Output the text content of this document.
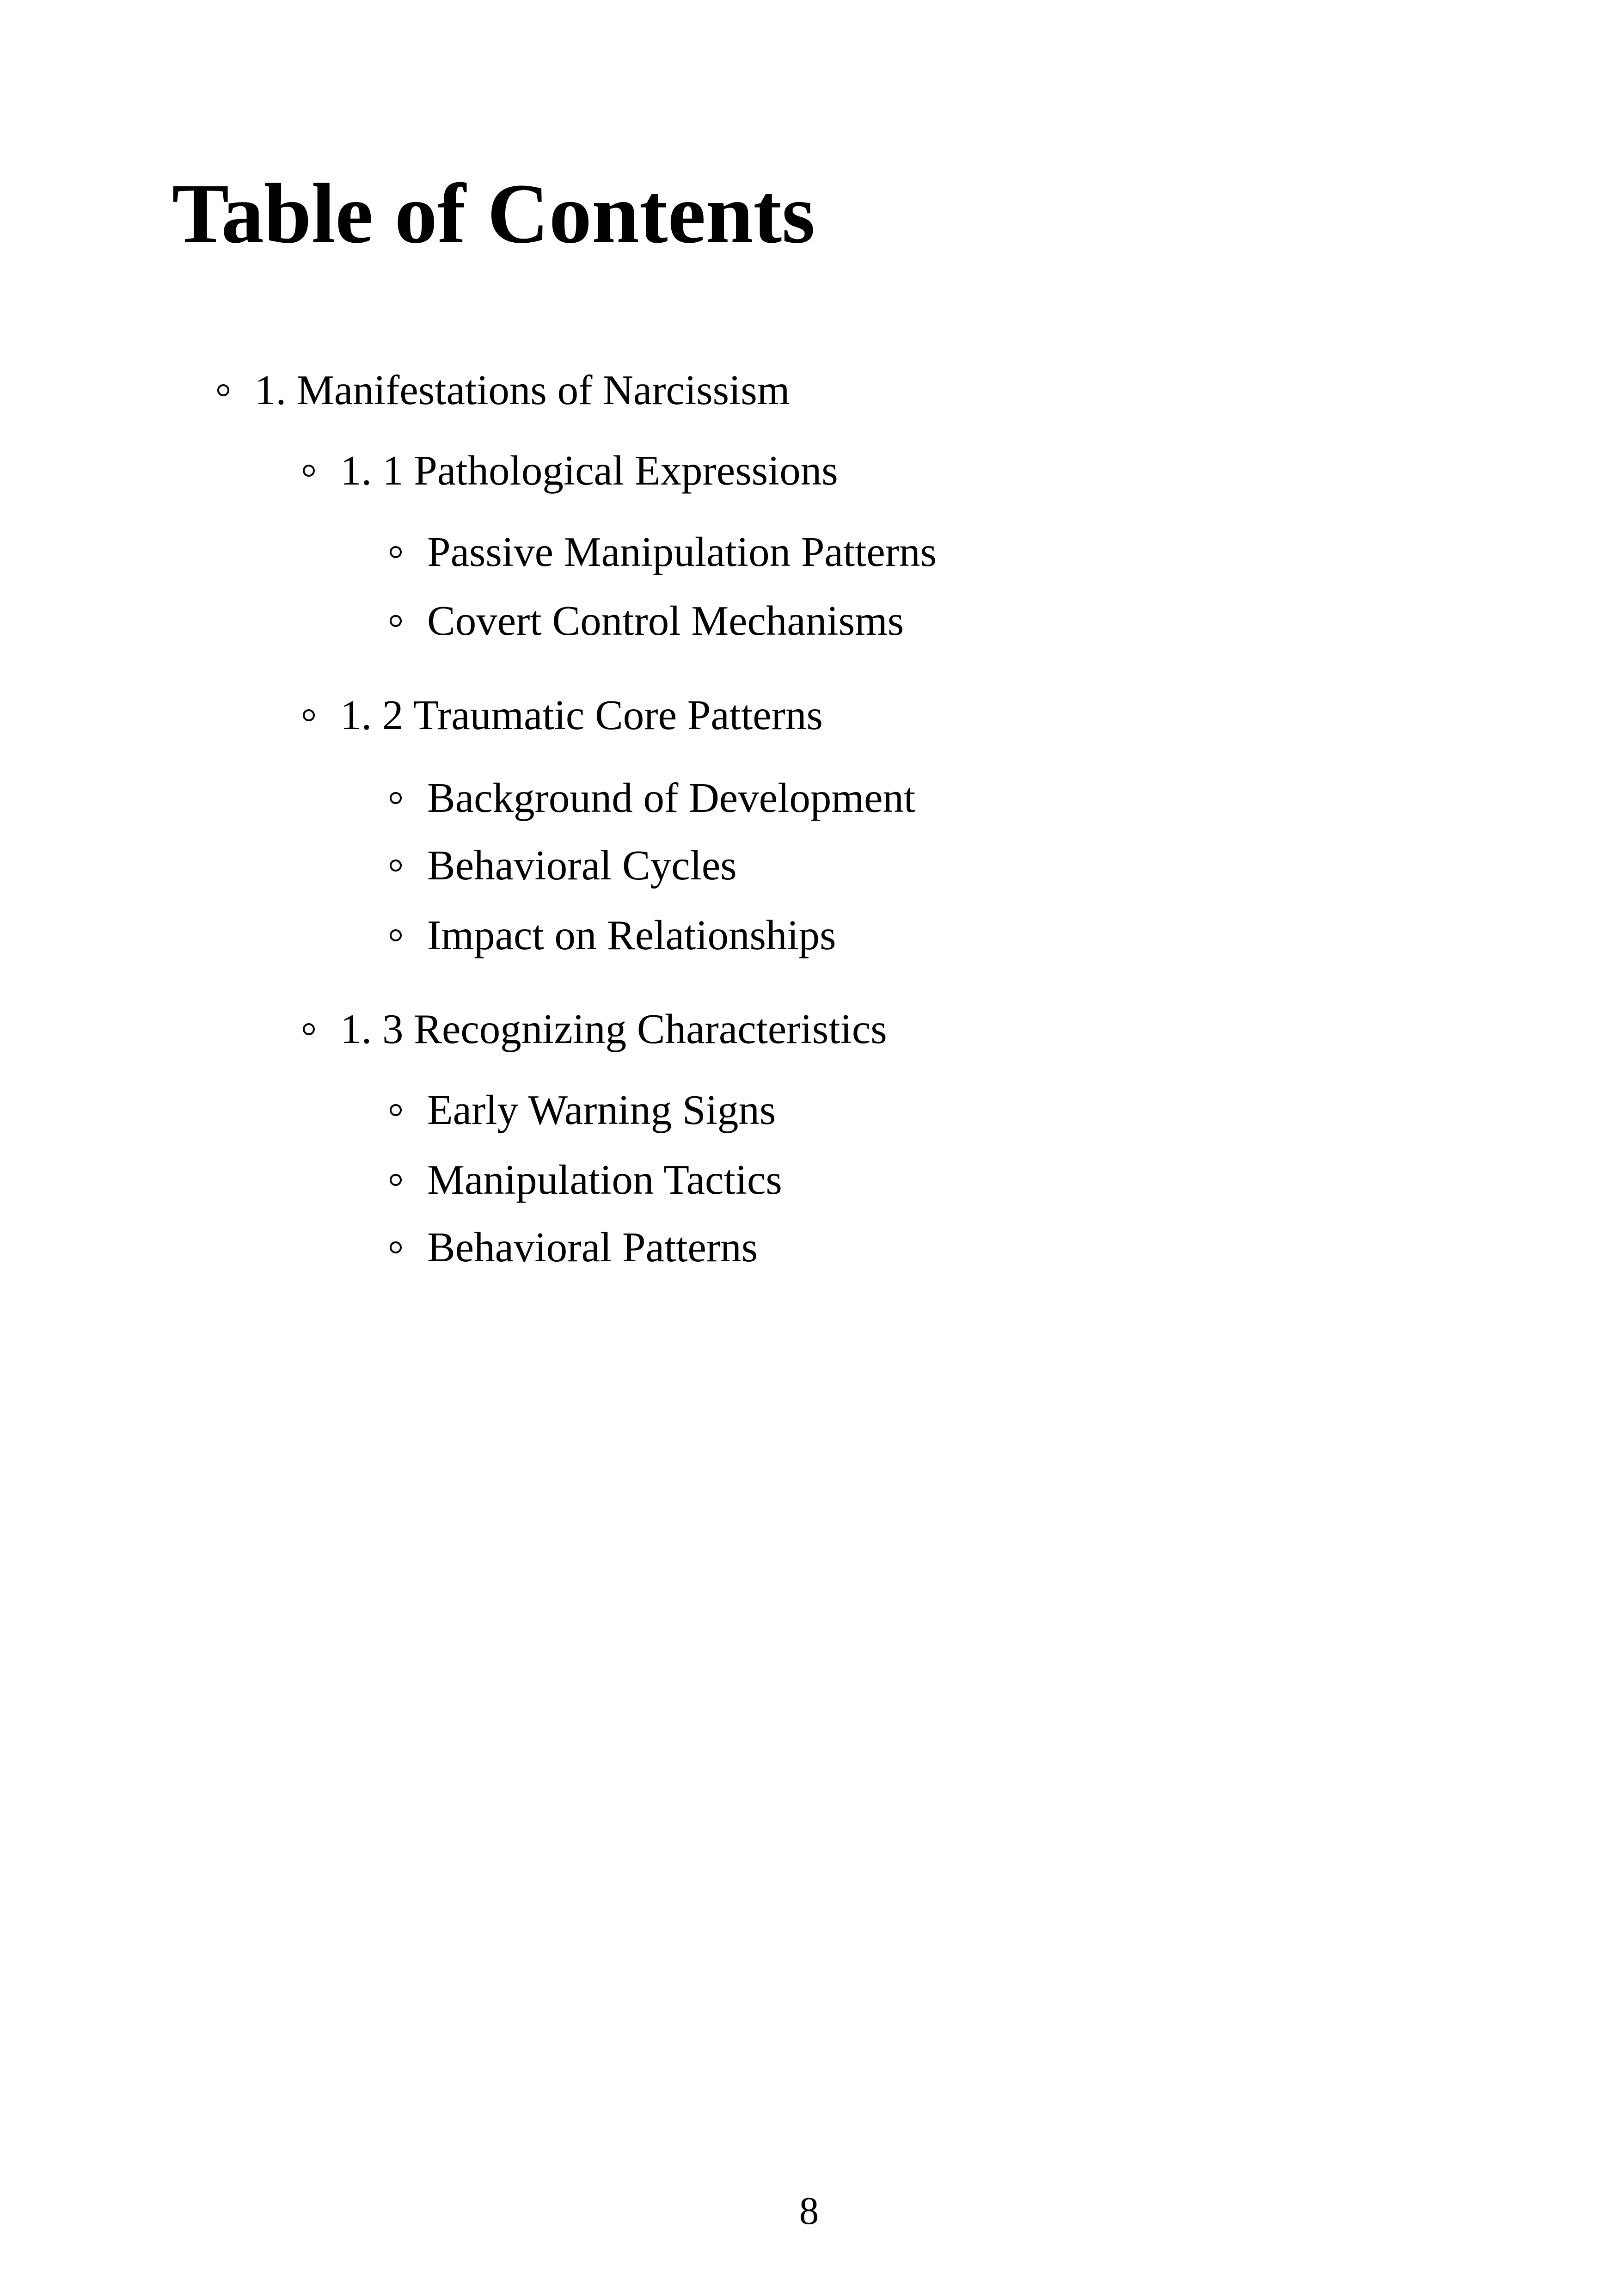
Table of Contents
1. Manifestations of Narcissism
1. 1 Pathological Expressions
Passive Manipulation Patterns
Covert Control Mechanisms
1. 2 Traumatic Core Patterns
Background of Development
Behavioral Cycles
Impact on Relationships
1. 3 Recognizing Characteristics
Early Warning Signs
Manipulation Tactics
Behavioral Patterns
8
